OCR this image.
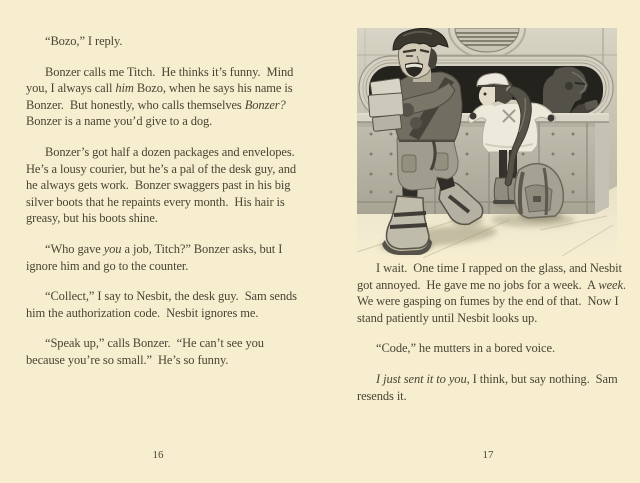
“Bozo,” I reply.

Bonzer calls me Titch.  He thinks it’s funny.  Mind you, I always call him Bozo, when he says his name is Bonzer.  But honestly, who calls themselves Bonzer?  Bonzer is a name you’d give to a dog.

Bonzer’s got half a dozen packages and envelopes.  He’s a lousy courier, but he’s a pal of the desk guy, and he always gets work.  Bonzer swaggers past in his big silver boots that he repaints every month.  His hair is greasy, but his boots shine.

“Who gave you a job, Titch?” Bonzer asks, but I ignore him and go to the counter.

“Collect,” I say to Nesbit, the desk guy.  Sam sends him the authorization code.  Nesbit ignores me.

“Speak up,” calls Bonzer.  “He can’t see you because you’re so small.”  He’s so funny.

16

I wait.  One time I rapped on the glass, and Nesbit got annoyed.  He gave me no jobs for a week.  A week.  We were gasping on fumes by the end of that.  Now I stand patiently until Nesbit looks up.

“Code,” he mutters in a bored voice.

I just sent it to you, I think, but say nothing.  Sam resends it.

17
